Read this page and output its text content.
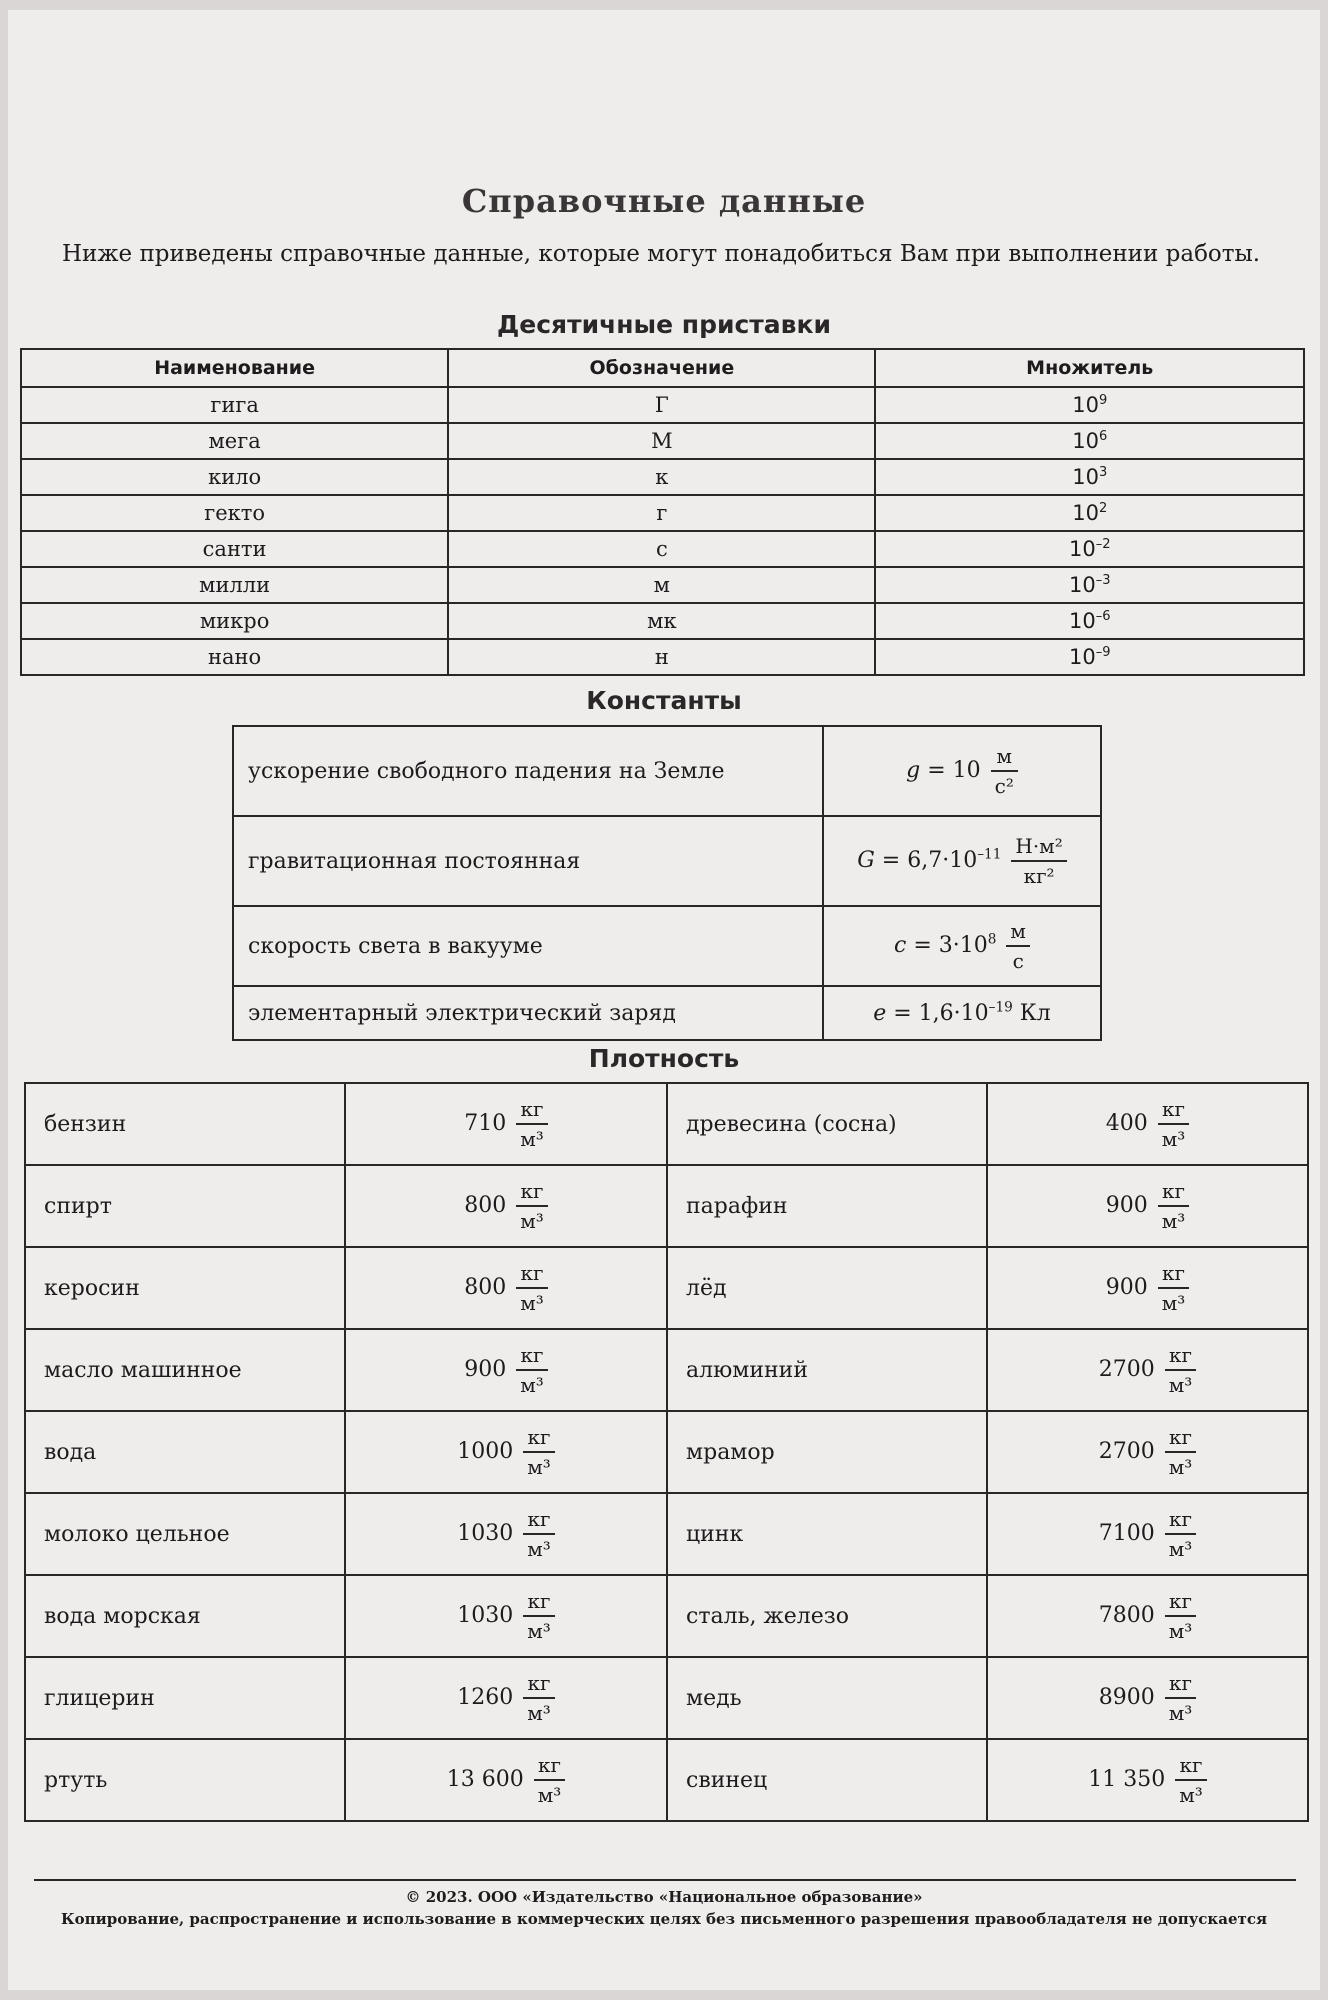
Справочные данные

Ниже приведены справочные данные, которые могут понадобиться Вам при выполнении работы.

Десятичные приставки
Наименование	Обозначение	Множитель
гига	Г	$10^9$
мега	М	$10^6$
кило	к	$10^3$
гекто	г	$10^2$
санти	с	$10^{-2}$
милли	м	$10^{-3}$
микро	мк	$10^{-6}$
нано	н	$10^{-9}$
Константы
ускорение свободного падения на Земле	$g = 10 \frac{м}{\text{с²}}$

гравитационная постоянная	$G = 6,7\cdot 10^{-11} \frac{\text{Н·м²}}{\text{кг²}}$

скорость света в вакууме	$c = 3\cdot 10^8 \frac{м}{с}$

элементарный электрический заряд	$e = 1,6\cdot 10^{-19}$ Кл
Плотность
бензин	$710 \frac{кг}{\text{м³}}$	древесина (сосна)	$400 \frac{кг}{\text{м³}}$

спирт	$800 \frac{кг}{\text{м³}}$	парафин	$900 \frac{кг}{\text{м³}}$

керосин	$800 \frac{кг}{\text{м³}}$	лёд	$900 \frac{кг}{\text{м³}}$

масло машинное	$900 \frac{кг}{\text{м³}}$	алюминий	$2700 \frac{кг}{\text{м³}}$

вода	$1000 \frac{кг}{\text{м³}}$	мрамор	$2700 \frac{кг}{\text{м³}}$

молоко цельное	$1030 \frac{кг}{\text{м³}}$	цинк	$7100 \frac{кг}{\text{м³}}$

вода морская	$1030 \frac{кг}{\text{м³}}$	сталь, железо	$7800 \frac{кг}{\text{м³}}$

глицерин	$1260 \frac{кг}{\text{м³}}$	медь	$8900 \frac{кг}{\text{м³}}$

ртуть	13 $600 \frac{кг}{\text{м³}}$	свинец	11 $350 \frac{кг}{\text{м³}}$
© 2023. ООО «Издательство «Национальное образование»
Копирование, распространение и использование в коммерческих целях без письменного разрешения правообладателя не допускается
